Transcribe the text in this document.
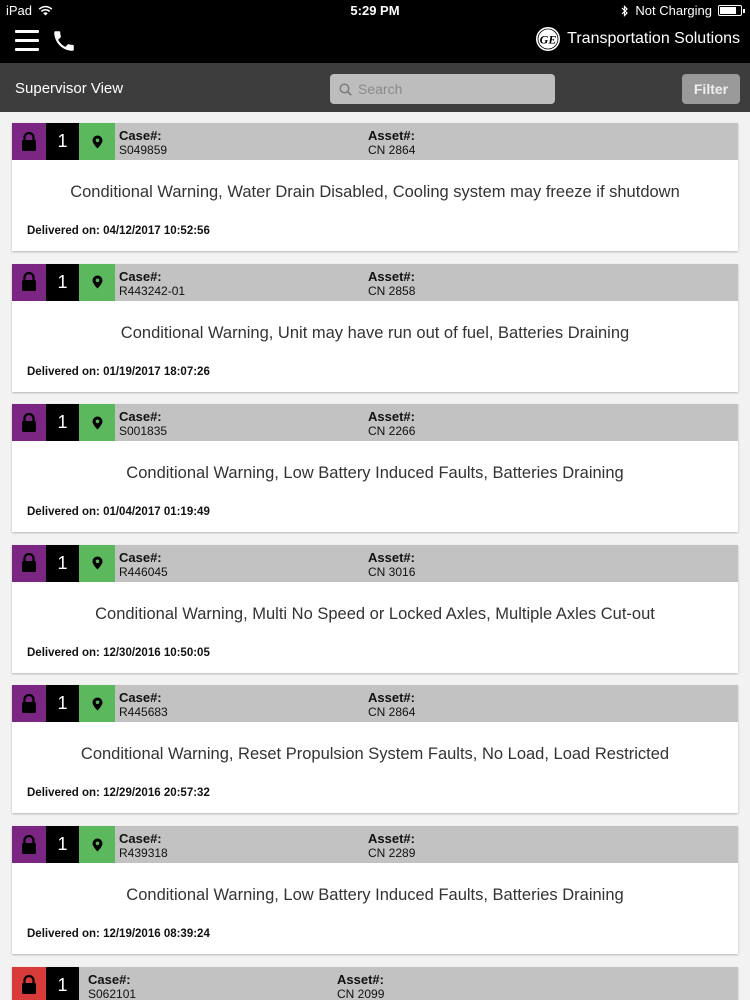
iPad	5:29 PM	Not Charging
GE Transportation Solutions
Supervisor View
Search	Filter
1	Case#:
S049859
Asset#:
CN 2864
Conditional Warning, Water Drain Disabled, Cooling system may freeze if shutdown
Delivered on: 04/12/2017 10:52:56
1	Case#:
R443242-01
Asset#:
CN 2858
Conditional Warning, Unit may have run out of fuel, Batteries Draining
Delivered on: 01/19/2017 18:07:26
1	Case#:
S001835
Asset#:
CN 2266
Conditional Warning, Low Battery Induced Faults, Batteries Draining
Delivered on: 01/04/2017 01:19:49
1	Case#:
R446045
Asset#:
CN 3016
Conditional Warning, Multi No Speed or Locked Axles, Multiple Axles Cut-out
Delivered on: 12/30/2016 10:50:05
1	Case#:
R445683
Asset#:
CN 2864
Conditional Warning, Reset Propulsion System Faults, No Load, Load Restricted
Delivered on: 12/29/2016 20:57:32
1	Case#:
R439318
Asset#:
CN 2289
Conditional Warning, Low Battery Induced Faults, Batteries Draining
Delivered on: 12/19/2016 08:39:24
1	Case#:
S062101
Asset#:
CN 2099
